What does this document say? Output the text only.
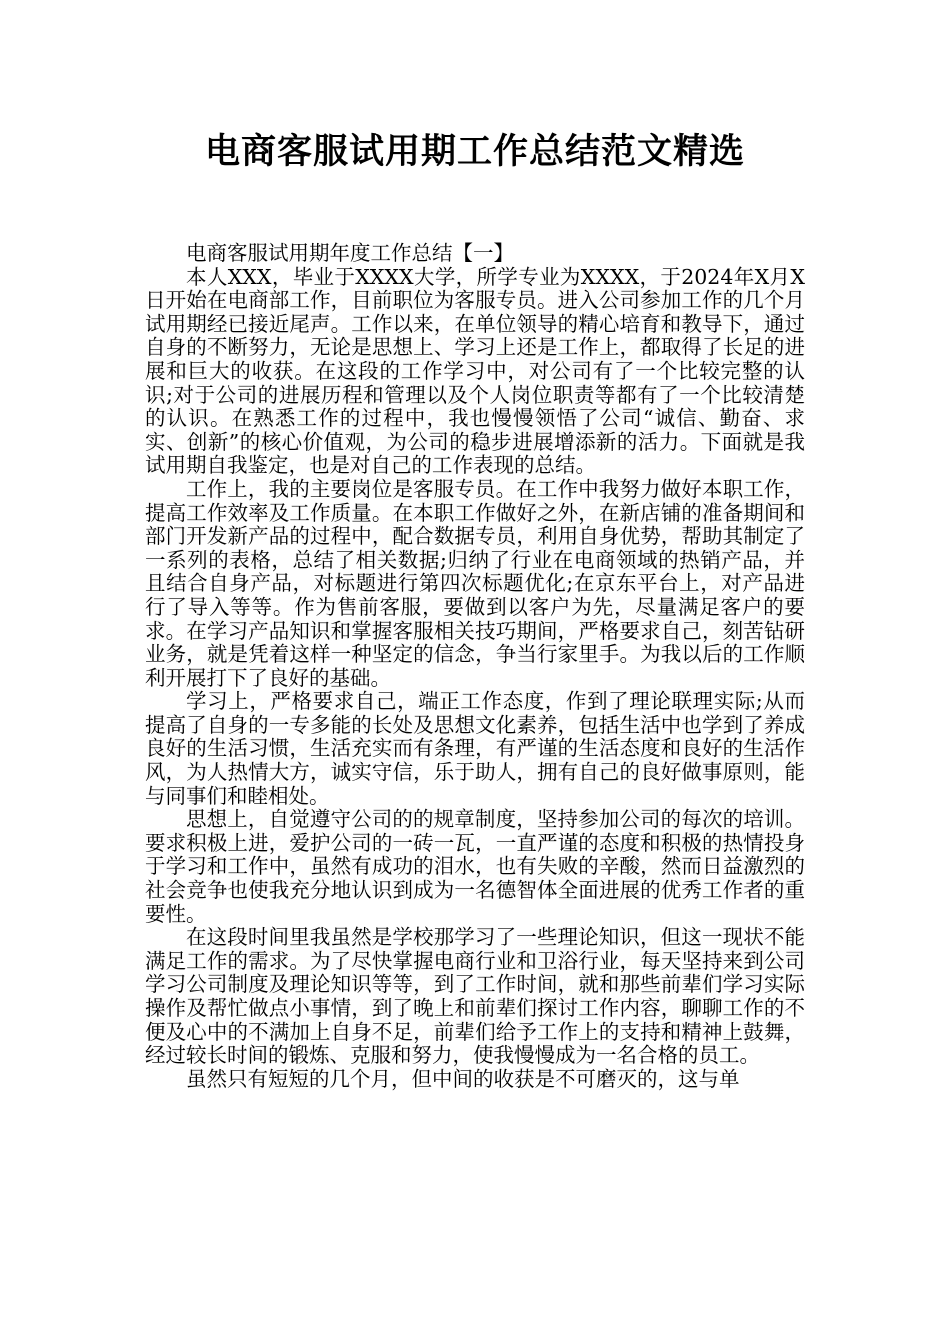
电商客服试用期工作总结范文精选

电商客服试用期年度工作总结【一】

本人XXX，毕业于XXXX大学，所学专业为XXXX，于2024年X月X日开始在电商部工作，目前职位为客服专员。进入公司参加工作的几个月试用期经已接近尾声。工作以来，在单位领导的精心培育和教导下，通过自身的不断努力，无论是思想上、学习上还是工作上，都取得了长足的进展和巨大的收获。在这段的工作学习中，对公司有了一个比较完整的认识;对于公司的进展历程和管理以及个人岗位职责等都有了一个比较清楚的认识。在熟悉工作的过程中，我也慢慢领悟了公司“诚信、勤奋、求实、创新”的核心价值观，为公司的稳步进展增添新的活力。下面就是我试用期自我鉴定，也是对自己的工作表现的总结。

工作上，我的主要岗位是客服专员。在工作中我努力做好本职工作，提高工作效率及工作质量。在本职工作做好之外，在新店铺的准备期间和部门开发新产品的过程中，配合数据专员，利用自身优势，帮助其制定了一系列的表格，总结了相关数据;归纳了行业在电商领域的热销产品，并且结合自身产品，对标题进行第四次标题优化;在京东平台上，对产品进行了导入等等。作为售前客服，要做到以客户为先，尽量满足客户的要求。在学习产品知识和掌握客服相关技巧期间，严格要求自己，刻苦钻研业务，就是凭着这样一种坚定的信念，争当行家里手。为我以后的工作顺利开展打下了良好的基础。

学习上，严格要求自己，端正工作态度，作到了理论联理实际;从而提高了自身的一专多能的长处及思想文化素养，包括生活中也学到了养成良好的生活习惯，生活充实而有条理，有严谨的生活态度和良好的生活作风，为人热情大方，诚实守信，乐于助人，拥有自己的良好做事原则，能与同事们和睦相处。

思想上，自觉遵守公司的的规章制度，坚持参加公司的每次的培训。要求积极上进，爱护公司的一砖一瓦，一直严谨的态度和积极的热情投身于学习和工作中，虽然有成功的泪水，也有失败的辛酸，然而日益激烈的社会竞争也使我充分地认识到成为一名德智体全面进展的优秀工作者的重要性。

在这段时间里我虽然是学校那学习了一些理论知识，但这一现状不能满足工作的需求。为了尽快掌握电商行业和卫浴行业，每天坚持来到公司学习公司制度及理论知识等等，到了工作时间，就和那些前辈们学习实际操作及帮忙做点小事情，到了晚上和前辈们探讨工作内容，聊聊工作的不便及心中的不满加上自身不足，前辈们给予工作上的支持和精神上鼓舞，经过较长时间的锻炼、克服和努力，使我慢慢成为一名合格的员工。

虽然只有短短的几个月，但中间的收获是不可磨灭的，这与单
